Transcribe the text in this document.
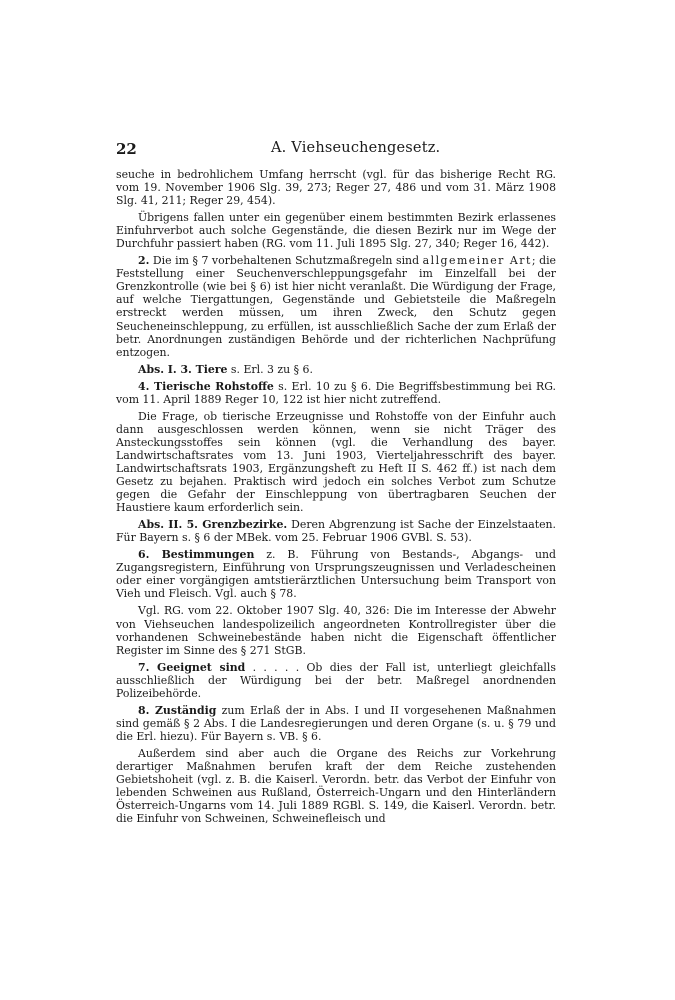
22	A. Viehseuchengesetz.

seuche in bedrohlichem Umfang herrscht (vgl. für das bisherige Recht RG. vom 19. November 1906 Slg. 39, 273; Reger 27, 486 und vom 31. März 1908 Slg. 41, 211; Reger 29, 454).

Übrigens fallen unter ein gegenüber einem bestimmten Bezirk erlassenes Einfuhrverbot auch solche Gegenstände, die diesen Bezirk nur im Wege der Durchfuhr passiert haben (RG. vom 11. Juli 1895 Slg. 27, 340; Reger 16, 442).

2. Die im § 7 vorbehaltenen Schutzmaßregeln sind allgemeiner Art; die Feststellung einer Seuchenverschleppungsgefahr im Einzelfall bei der Grenzkontrolle (wie bei § 6) ist hier nicht veranlaßt. Die Würdigung der Frage, auf welche Tiergattungen, Gegenstände und Gebietsteile die Maßregeln erstreckt werden müssen, um ihren Zweck, den Schutz gegen Seucheneinschleppung, zu erfüllen, ist ausschließlich Sache der zum Erlaß der betr. Anordnungen zuständigen Behörde und der richterlichen Nachprüfung entzogen.

Abs. I. 3. Tiere s. Erl. 3 zu § 6.

4. Tierische Rohstoffe s. Erl. 10 zu § 6. Die Begriffsbestimmung bei RG. vom 11. April 1889 Reger 10, 122 ist hier nicht zutreffend.

Die Frage, ob tierische Erzeugnisse und Rohstoffe von der Einfuhr auch dann ausgeschlossen werden können, wenn sie nicht Träger des Ansteckungsstoffes sein können (vgl. die Verhandlung des bayer. Landwirtschaftsrates vom 13. Juni 1903, Vierteljahresschrift des bayer. Landwirtschaftsrats 1903, Ergänzungsheft zu Heft II S. 462 ff.) ist nach dem Gesetz zu bejahen. Praktisch wird jedoch ein solches Verbot zum Schutze gegen die Gefahr der Einschleppung von übertragbaren Seuchen der Haustiere kaum erforderlich sein.

Abs. II. 5. Grenzbezirke. Deren Abgrenzung ist Sache der Einzelstaaten. Für Bayern s. § 6 der MBek. vom 25. Februar 1906 GVBl. S. 53).

6. Bestimmungen z. B. Führung von Bestands-, Abgangs- und Zugangsregistern, Einführung von Ursprungszeugnissen und Verladescheinen oder einer vorgängigen amtstierärztlichen Untersuchung beim Transport von Vieh und Fleisch. Vgl. auch § 78.

Vgl. RG. vom 22. Oktober 1907 Slg. 40, 326: Die im Interesse der Abwehr von Viehseuchen landespolizeilich angeordneten Kontrollregister über die vorhandenen Schweinebestände haben nicht die Eigenschaft öffentlicher Register im Sinne des § 271 StGB.

7. Geeignet sind . . . . . Ob dies der Fall ist, unterliegt gleichfalls ausschließlich der Würdigung bei der betr. Maßregel anordnenden Polizeibehörde.

8. Zuständig zum Erlaß der in Abs. I und II vorgesehenen Maßnahmen sind gemäß § 2 Abs. I die Landesregierungen und deren Organe (s. u. § 79 und die Erl. hiezu). Für Bayern s. VB. § 6.

Außerdem sind aber auch die Organe des Reichs zur Vorkehrung derartiger Maßnahmen berufen kraft der dem Reiche zustehenden Gebietshoheit (vgl. z. B. die Kaiserl. Verordn. betr. das Verbot der Einfuhr von lebenden Schweinen aus Rußland, Österreich-Ungarn und den Hinterländern Österreich-Ungarns vom 14. Juli 1889 RGBl. S. 149, die Kaiserl. Verordn. betr. die Einfuhr von Schweinen, Schweinefleisch und
